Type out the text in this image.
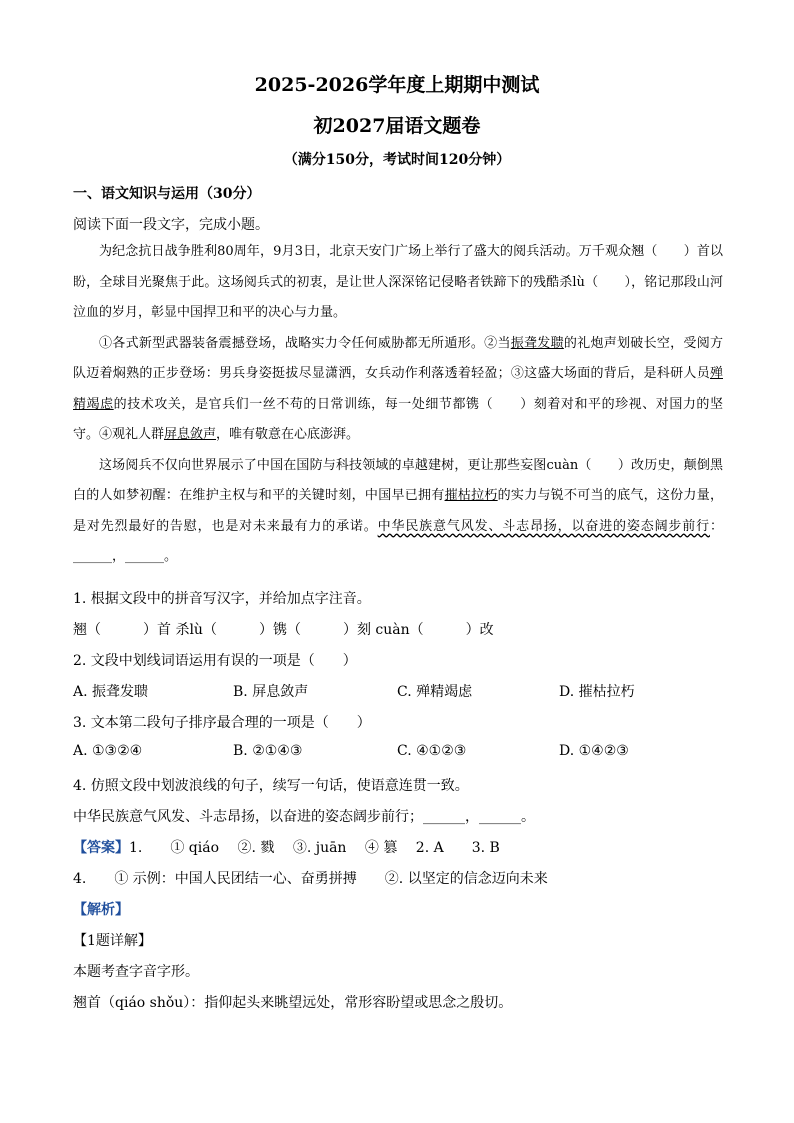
2025-2026学年度上期期中测试
初2027届语文题卷
（满分150分，考试时间120分钟）
一、语文知识与运用（30分）
阅读下面一段文字，完成小题。

为纪念抗日战争胜利80周年，9月3日，北京天安门广场上举行了盛大的阅兵活动。万千观众翘（　　）首以盼，全球目光聚焦于此。这场阅兵式的初衷，是让世人深深铭记侵略者铁蹄下的残酷杀lù（　　），铭记那段山河泣血的岁月，彰显中国捍卫和平的决心与力量。

①各式新型武器装备震撼登场，战略实力令任何威胁都无所遁形。②当振聋发聩的礼炮声划破长空，受阅方队迈着焖熟的正步登场：男兵身姿挺拔尽显潇洒，女兵动作利落透着轻盈；③这盛大场面的背后，是科研人员殚精竭虑的技术攻关，是官兵们一丝不苟的日常训练，每一处细节都镌（　　）刻着对和平的珍视、对国力的坚守。④观礼人群屏息敛声，唯有敬意在心底澎湃。

这场阅兵不仅向世界展示了中国在国防与科技领域的卓越建树，更让那些妄图cuàn（　　）改历史，颠倒黑白的人如梦初醒：在维护主权与和平的关键时刻，中国早已拥有摧枯拉朽的实力与锐不可当的底气，这份力量，是对先烈最好的告慰，也是对未来最有力的承诺。中华民族意气风发、斗志昂扬，以奋进的姿态阔步前行：______，______。

1. 根据文段中的拼音写汉字，并给加点字注音。
翘（　　　）首 杀lù（　　　）镌（　　　）刻 cuàn（　　　）改
2. 文段中划线词语运用有误的一项是（　　）
A. 振聋发聩	B. 屏息敛声	C. 殚精竭虑	D. 摧枯拉朽
3. 文本第二段句子排序最合理的一项是（　　）
A. ①③②④	B. ②①④③	C. ④①②③	D. ①④②③
4. 仿照文段中划波浪线的句子，续写一句话，使语意连贯一致。
中华民族意气风发、斗志昂扬，以奋进的姿态阔步前行；______，______。
【答案】1.　　① qiáo　 ②. 戮　 ③. juān　 ④ 篡　 2. A　　3. B
4.　　① 示例：中国人民团结一心、奋勇拼搏　　②. 以坚定的信念迈向未来
【解析】
【1题详解】
本题考查字音字形。
翘首（qiáo shǒu）：指仰起头来眺望远处，常形容盼望或思念之殷切。
